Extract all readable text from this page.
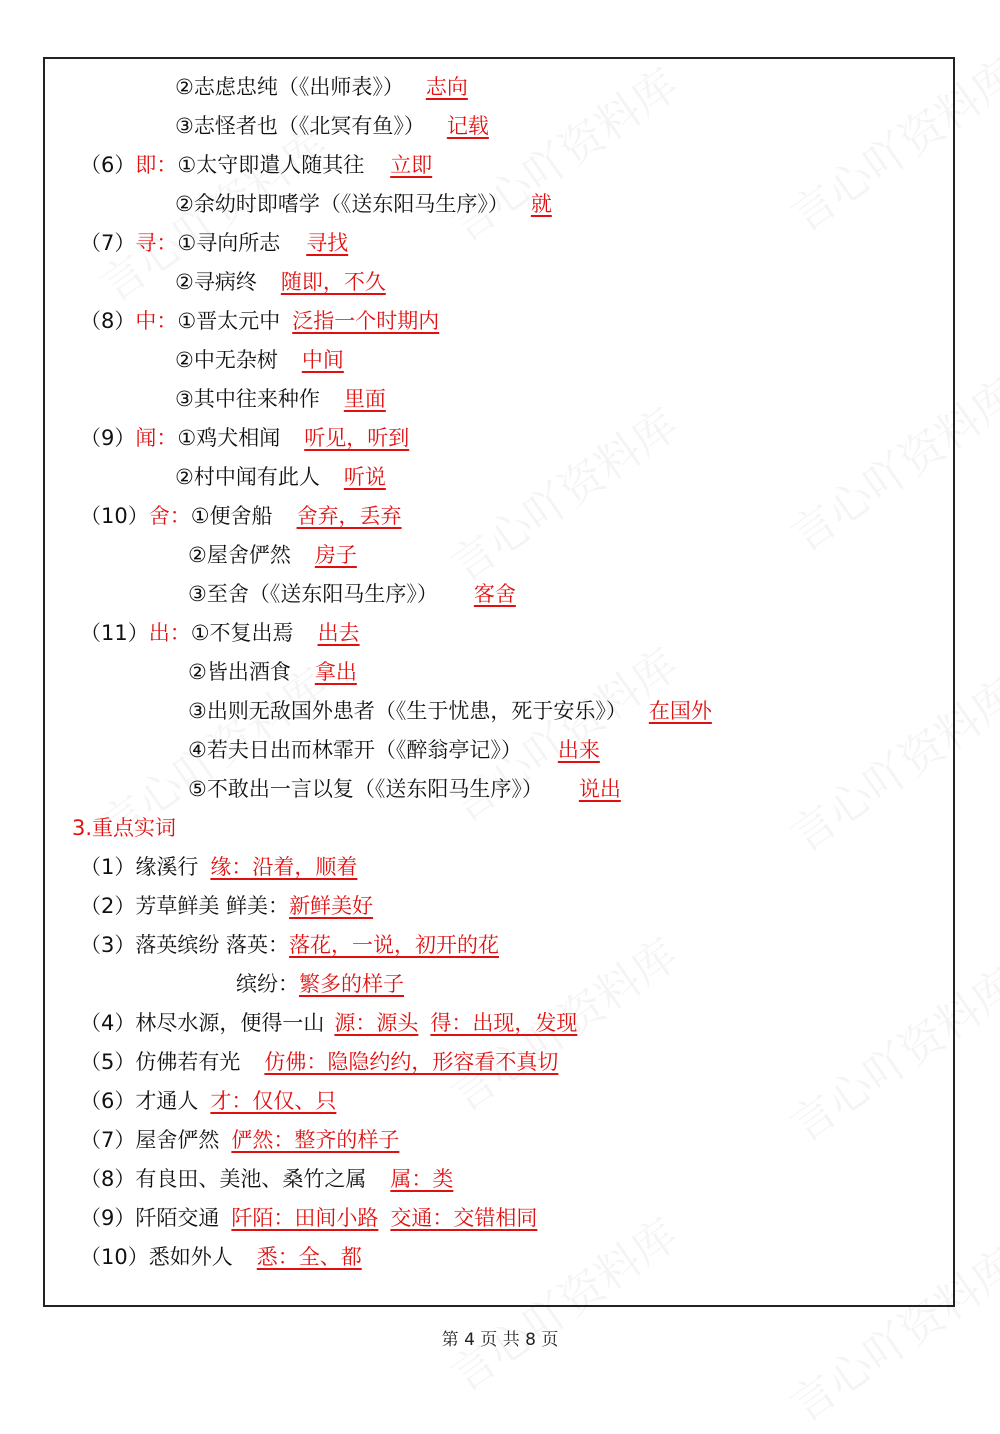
②志虑忠纯（《出师表》） 志向
③志怪者也（《北冥有鱼》） 记载
（6）即：①太守即遣人随其往 立即
②余幼时即嗜学（《送东阳马生序》） 就
（7）寻：①寻向所志 寻找
②寻病终 随即，不久
（8）中：①晋太元中 泛指一个时期内
②中无杂树 中间
③其中往来种作 里面
（9）闻：①鸡犬相闻 听见，听到
②村中闻有此人 听说
（10）舍：①便舍船 舍弃，丢弃
②屋舍俨然 房子
③至舍（《送东阳马生序》） 客舍
（11）出：①不复出焉 出去
②皆出酒食 拿出
③出则无敌国外患者（《生于忧患，死于安乐》） 在国外
④若夫日出而林霏开（《醉翁亭记》） 出来
⑤不敢出一言以复（《送东阳马生序》） 说出
3.重点实词
（1）缘溪行 缘：沿着，顺着
（2）芳草鲜美 鲜美：新鲜美好
（3）落英缤纷 落英：落花，一说，初开的花
缤纷：繁多的样子
（4）林尽水源，便得一山 源：源头 得：出现，发现
（5）仿佛若有光 仿佛：隐隐约约，形容看不真切
（6）才通人 才：仅仅、只
（7）屋舍俨然 俨然：整齐的样子
（8）有良田、美池、桑竹之属 属：类
（9）阡陌交通 阡陌：田间小路 交通：交错相同
（10）悉如外人 悉：全、都
第 4 页 共 8 页
